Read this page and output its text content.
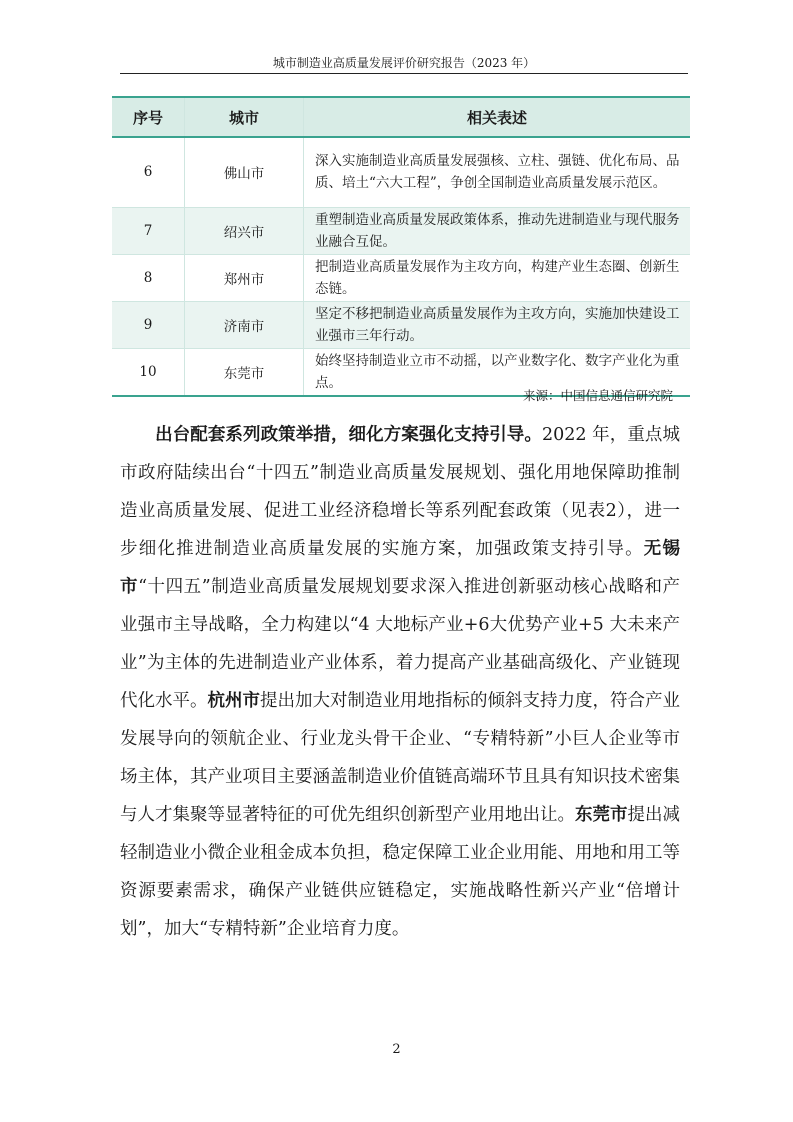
城市制造业高质量发展评价研究报告（2023 年）
序号	城市	相关表述
6	佛山市	深入实施制造业高质量发展强核、立柱、强链、优化布局、品质、培土“六大工程”，争创全国制造业高质量发展示范区。
7	绍兴市	重塑制造业高质量发展政策体系，推动先进制造业与现代服务业融合互促。
8	郑州市	把制造业高质量发展作为主攻方向，构建产业生态圈、创新生态链。
9	济南市	坚定不移把制造业高质量发展作为主攻方向，实施加快建设工业强市三年行动。
10	东莞市	始终坚持制造业立市不动摇，以产业数字化、数字产业化为重点。
来源：中国信息通信研究院

出台配套系列政策举措，细化方案强化支持引导。2022 年，重点城市政府陆续出台“十四五”制造业高质量发展规划、强化用地保障助推制造业高质量发展、促进工业经济稳增长等系列配套政策（见表2），进一步细化推进制造业高质量发展的实施方案，加强政策支持引导。无锡市“十四五”制造业高质量发展规划要求深入推进创新驱动核心战略和产业强市主导战略，全力构建以“4 大地标产业+6大优势产业+5 大未来产业”为主体的先进制造业产业体系，着力提高产业基础高级化、产业链现代化水平。杭州市提出加大对制造业用地指标的倾斜支持力度，符合产业发展导向的领航企业、行业龙头骨干企业、“专精特新”小巨人企业等市场主体，其产业项目主要涵盖制造业价值链高端环节且具有知识技术密集与人才集聚等显著特征的可优先组织创新型产业用地出让。东莞市提出减轻制造业小微企业租金成本负担，稳定保障工业企业用能、用地和用工等资源要素需求，确保产业链供应链稳定，实施战略性新兴产业“倍增计划”，加大“专精特新”企业培育力度。

2
